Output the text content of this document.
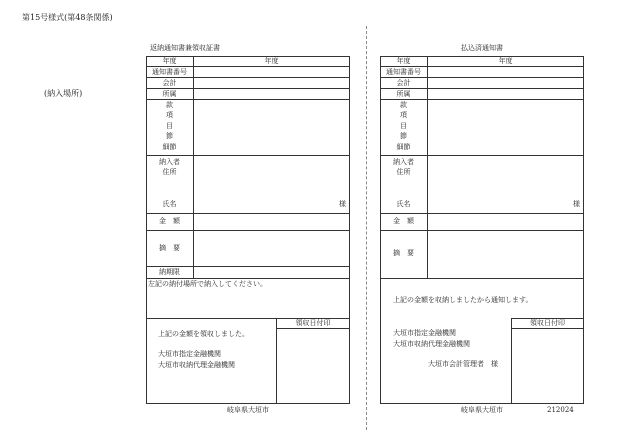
第15号様式(第48条関係)
(納入場所)
返納通知書兼領収証書
年度	年度
通知書番号
会計
所属
款
項
目
節
細節
納入者
住所
氏名	様
金　額
摘　要
納期限
左記の納付場所で納入してください。
領収日付印
上記の金額を領収しました。
大垣市指定金融機関
大垣市収納代理金融機関
岐阜県大垣市
払込済通知書
年度	年度
通知書番号
会計
所属
款
項
目
節
細節
納入者
住所
氏名	様
金　額
摘　要
上記の金額を収納しましたから通知します。
領収日付印
大垣市指定金融機関
大垣市収納代理金融機関
大垣市会計管理者　様
岐阜県大垣市	212024
